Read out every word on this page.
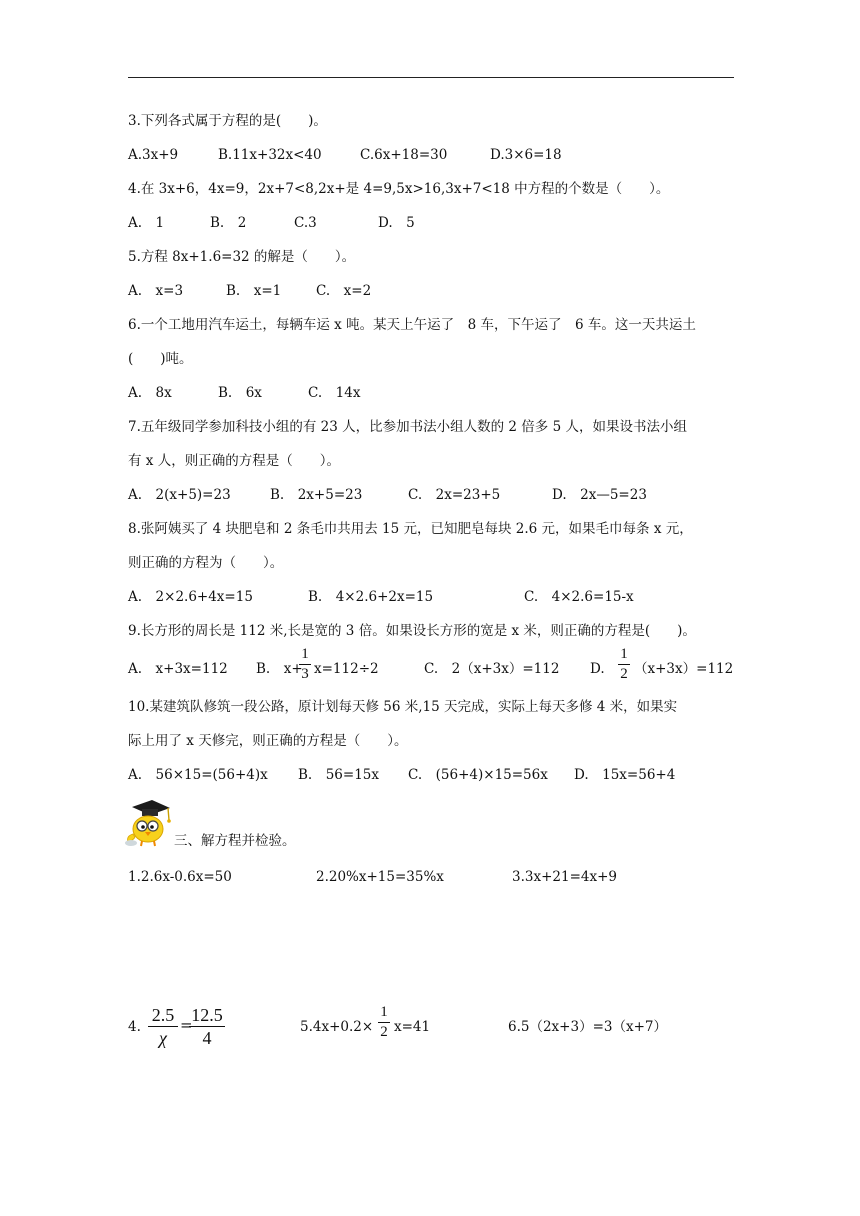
3.下列各式属于方程的是(　　)。
A.3x+9	B.11x+32x<40	C.6x+18=30	D.3×6=18
4.在 3x+6，4x=9，2x+7<8,2x+是 4=9,5x>16,3x+7<18 中方程的个数是（　　）。
A.　1	B.　2	C.3	D.　5
5.方程 8x+1.6=32 的解是（　　）。
A.　x=3	B.　x=1	C.　x=2
6.一个工地用汽车运土，每辆车运 x 吨。某天上午运了　8 车，下午运了　6 车。这一天共运土
(　　)吨。
A.　8x	B.　6x	C.　14x
7.五年级同学参加科技小组的有 23 人，比参加书法小组人数的 2 倍多 5 人，如果设书法小组
有 x 人，则正确的方程是（　　）。
A.　2(x+5)=23	B.　2x+5=23	C.　2x=23+5	D.　2x—5=23
8.张阿姨买了 4 块肥皂和 2 条毛巾共用去 15 元，已知肥皂每块 2.6 元，如果毛巾每条 x 元，
则正确的方程为（　　）。
A.　2×2.6+4x=15	B.　4×2.6+2x=15	C.　4×2.6=15-x
9.长方形的周长是 112 米,长是宽的 3 倍。如果设长方形的宽是 x 米，则正确的方程是(　　)。
A.　x+3x=112 B.　x+
1
3 x=112÷2	C.　2（x+3x）=112 D.
1
2 （x+3x）=112
10.某建筑队修筑一段公路，原计划每天修 56 米,15 天完成，实际上每天多修 4 米，如果实
际上用了 x 天修完，则正确的方程是（　　）。
A.　56×15=(56+4)x B.　56=15x C.　(56+4)×15=56x D.　15x=56+4
三、解方程并检验。
1.2.6x-0.6x=50	2.20%x+15=35%x	3.3x+21=4x+9
4.
2.5
χ
=
12.5
4
5.4x+0.2×
1
2 x=41	6.5（2x+3）=3（x+7）
